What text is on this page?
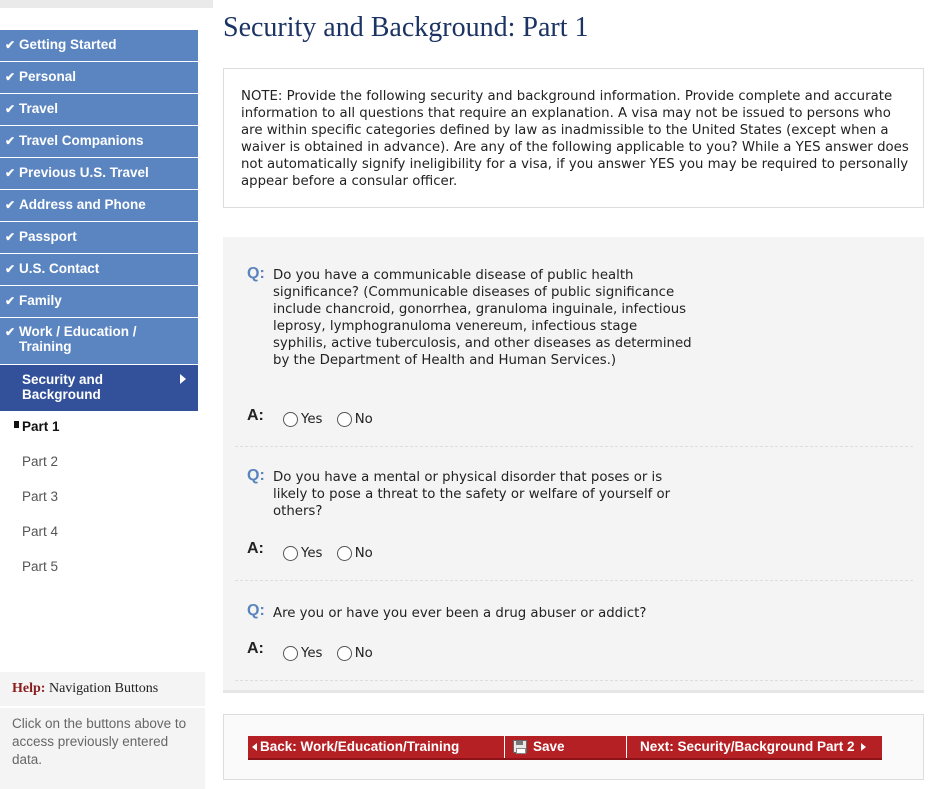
✔ Getting Started
✔ Personal
✔ Travel
✔ Travel Companions
✔ Previous U.S. Travel
✔ Address and Phone
✔ Passport
✔ U.S. Contact
✔ Family
✔ Work / Education / Training
Security and Background
Part 1
Part 2
Part 3
Part 4
Part 5
Help: Navigation Buttons
Click on the buttons above to access previously entered data.
Security and Background: Part 1
NOTE: Provide the following security and background information. Provide complete and accurate information to all questions that require an explanation. A visa may not be issued to persons who are within specific categories defined by law as inadmissible to the United States (except when a waiver is obtained in advance). Are any of the following applicable to you? While a YES answer does not automatically signify ineligibility for a visa, if you answer YES you may be required to personally appear before a consular officer.
Q: Do you have a communicable disease of public health significance? (Communicable diseases of public significance include chancroid, gonorrhea, granuloma inguinale, infectious leprosy, lymphogranuloma venereum, infectious stage syphilis, active tuberculosis, and other diseases as determined by the Department of Health and Human Services.)
A:	Yes No
Q: Do you have a mental or physical disorder that poses or is likely to pose a threat to the safety or welfare of yourself or others?
A:	Yes No
Q: Are you or have you ever been a drug abuser or addict?
A:	Yes No
Back: Work/Education/Training	Save	Next: Security/Background Part 2
